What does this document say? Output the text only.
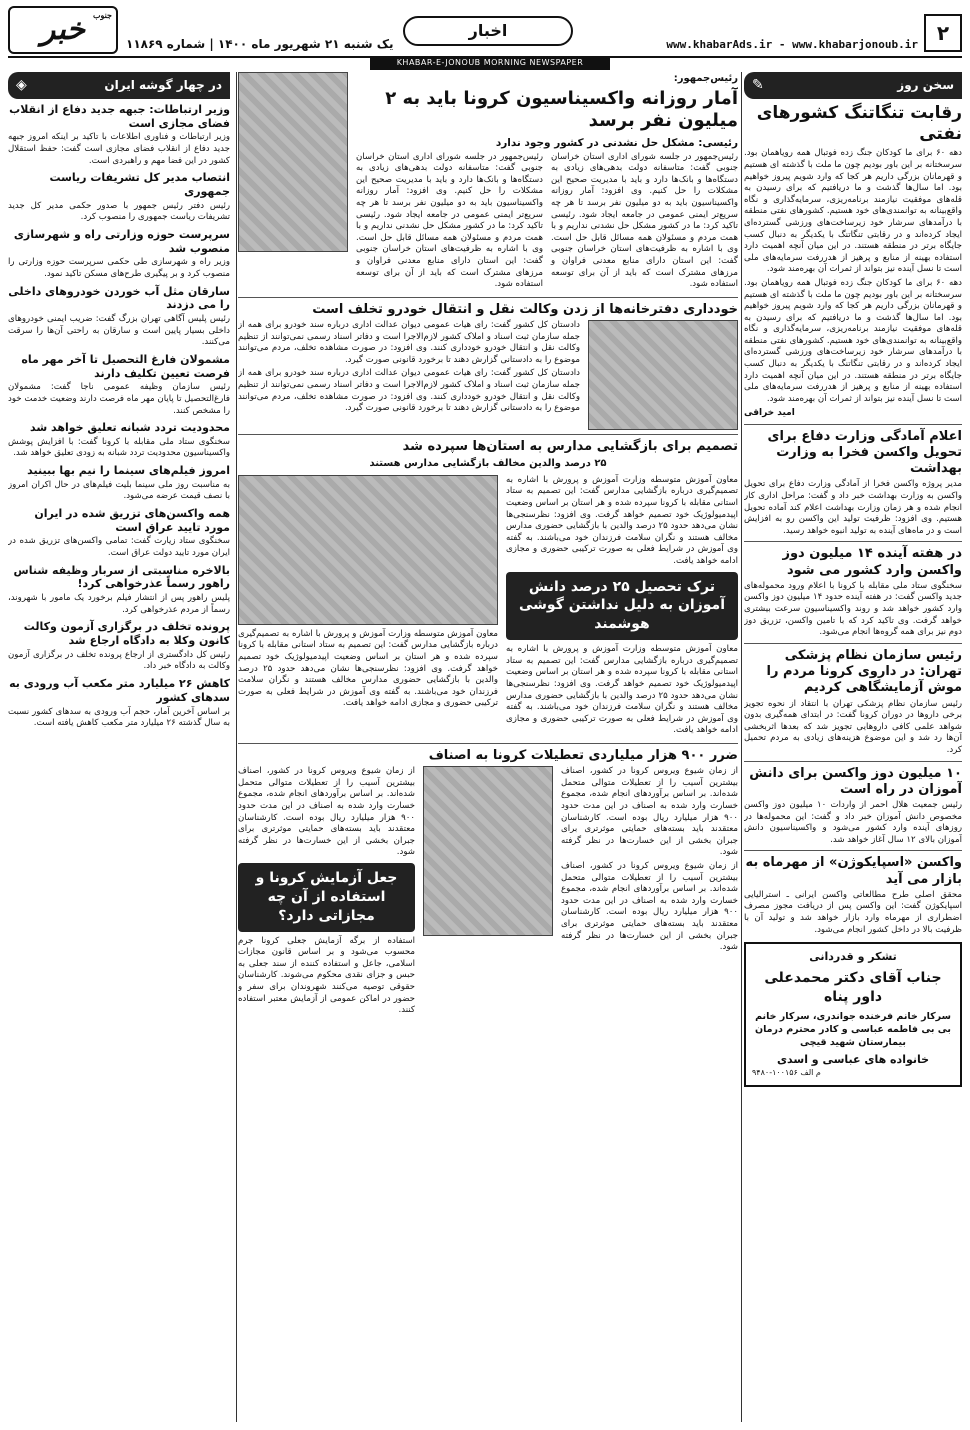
جنوب
خبر	یک شنبه ۲۱ شهریور ماه ۱۴۰۰ | شماره ۱۱۸۶۹
اخبار
www.khabarAds.ir - www.khabarjonoub.ir ۲
KHABAR-E-JONOUB MORNING NEWSPAPER
سخن روز
✎
رقابت تنگاتنگ کشورهای نفتی

دهه ۶۰ برای ما کودکان جنگ زده فوتبال همه رویاهمان بود. سرسختانه بر این باور بودیم چون ما ملت با گذشته ای هستیم و قهرمانان بزرگی داریم هر کجا که وارد شویم پیروز خواهیم بود. اما سال‌ها گذشت و ما دریافتیم که برای رسیدن به قله‌های موفقیت نیازمند برنامه‌ریزی، سرمایه‌گذاری و نگاه واقع‌بینانه به توانمندی‌های خود هستیم. کشورهای نفتی منطقه با درآمدهای سرشار خود زیرساخت‌های ورزشی گسترده‌ای ایجاد کرده‌اند و در رقابتی تنگاتنگ با یکدیگر به دنبال کسب جایگاه برتر در منطقه هستند. در این میان آنچه اهمیت دارد استفاده بهینه از منابع و پرهیز از هدررفت سرمایه‌های ملی است تا نسل آینده نیز بتواند از ثمرات آن بهره‌مند شود.

دهه ۶۰ برای ما کودکان جنگ زده فوتبال همه رویاهمان بود. سرسختانه بر این باور بودیم چون ما ملت با گذشته ای هستیم و قهرمانان بزرگی داریم هر کجا که وارد شویم پیروز خواهیم بود. اما سال‌ها گذشت و ما دریافتیم که برای رسیدن به قله‌های موفقیت نیازمند برنامه‌ریزی، سرمایه‌گذاری و نگاه واقع‌بینانه به توانمندی‌های خود هستیم. کشورهای نفتی منطقه با درآمدهای سرشار خود زیرساخت‌های ورزشی گسترده‌ای ایجاد کرده‌اند و در رقابتی تنگاتنگ با یکدیگر به دنبال کسب جایگاه برتر در منطقه هستند. در این میان آنچه اهمیت دارد استفاده بهینه از منابع و پرهیز از هدررفت سرمایه‌های ملی است تا نسل آینده نیز بتواند از ثمرات آن بهره‌مند شود.

امید خراقی
اعلام آمادگی وزارت دفاع برای تحویل واکسن فخرا به وزارت بهداشت

مدیر پروژه واکسن فخرا از آمادگی وزارت دفاع برای تحویل واکسن به وزارت بهداشت خبر داد و گفت: مراحل اداری کار انجام شده و هر زمان وزارت بهداشت اعلام کند آماده تحویل هستیم. وی افزود: ظرفیت تولید این واکسن رو به افزایش است و در ماه‌های آینده به تولید انبوه خواهد رسید.

در هفته آینده ۱۴ میلیون دوز واکسن وارد کشور می شود

سخنگوی ستاد ملی مقابله با کرونا با اعلام ورود محموله‌های جدید واکسن گفت: در هفته آینده حدود ۱۴ میلیون دوز واکسن وارد کشور خواهد شد و روند واکسیناسیون سرعت بیشتری خواهد گرفت. وی تاکید کرد که با تامین واکسن، تزریق دوز دوم نیز برای همه گروه‌ها انجام می‌شود.

رئیس سازمان نظام پزشکی تهران: در داروی کرونا مردم را موش آزمایشگاهی کردیم

رئیس سازمان نظام پزشکی تهران با انتقاد از نحوه تجویز برخی داروها در دوران کرونا گفت: در ابتدای همه‌گیری بدون شواهد علمی کافی داروهایی تجویز شد که بعدها اثربخشی آن‌ها رد شد و این موضوع هزینه‌های زیادی به مردم تحمیل کرد.

۱۰ میلیون دوز واکسن برای دانش آموزان در راه است

رئیس جمعیت هلال احمر از واردات ۱۰ میلیون دوز واکسن مخصوص دانش آموزان خبر داد و گفت: این محموله‌ها در روزهای آینده وارد کشور می‌شود و واکسیناسیون دانش آموزان بالای ۱۲ سال آغاز خواهد شد.

واکسن «اسپایکوژن» از مهرماه به بازار می آید

محقق اصلی طرح مطالعاتی واکسن ایرانی ـ استرالیایی اسپایکوژن گفت: این واکسن پس از دریافت مجوز مصرف اضطراری از مهرماه وارد بازار خواهد شد و تولید آن با ظرفیت بالا در داخل کشور انجام می‌شود.

تشکر و قدردانی
جناب آقای دکتر محمدعلی داور پناه
سرکار خانم فرخنده جواندری، سرکار خانم بی بی فاطمه عباسی و کادر محترم درمان بیمارستان شهید قیچی
خانواده های عباسی و اسدی
۹۴۸۰-۱۰۰۱۵۶ م الف
رئیس‌جمهور:
آمار روزانه واکسیناسیون کرونا باید به ۲ میلیون نفر برسد
رئیسی: مشکل حل نشدنی در کشور وجود ندارد

رئیس‌جمهور در جلسه شورای اداری استان خراسان جنوبی گفت: متاسفانه دولت بدهی‌های زیادی به دستگاه‌ها و بانک‌ها دارد و باید با مدیریت صحیح این مشکلات را حل کنیم. وی افزود: آمار روزانه واکسیناسیون باید به دو میلیون نفر برسد تا هر چه سریع‌تر ایمنی عمومی در جامعه ایجاد شود. رئیسی تاکید کرد: ما در کشور مشکل حل نشدنی نداریم و با همت مردم و مسئولان همه مسائل قابل حل است. وی با اشاره به ظرفیت‌های استان خراسان جنوبی گفت: این استان دارای منابع معدنی فراوان و مرزهای مشترک است که باید از آن برای توسعه استفاده شود.

رئیس‌جمهور در جلسه شورای اداری استان خراسان جنوبی گفت: متاسفانه دولت بدهی‌های زیادی به دستگاه‌ها و بانک‌ها دارد و باید با مدیریت صحیح این مشکلات را حل کنیم. وی افزود: آمار روزانه واکسیناسیون باید به دو میلیون نفر برسد تا هر چه سریع‌تر ایمنی عمومی در جامعه ایجاد شود. رئیسی تاکید کرد: ما در کشور مشکل حل نشدنی نداریم و با همت مردم و مسئولان همه مسائل قابل حل است. وی با اشاره به ظرفیت‌های استان خراسان جنوبی گفت: این استان دارای منابع معدنی فراوان و مرزهای مشترک است که باید از آن برای توسعه استفاده شود.

خودداری دفترخانه‌ها از زدن وکالت نقل و انتقال خودرو تخلف است

دادستان کل کشور گفت: رای هیات عمومی دیوان عدالت اداری درباره سند خودرو برای همه از جمله سازمان ثبت اسناد و املاک کشور لازم‌الاجرا است و دفاتر اسناد رسمی نمی‌توانند از تنظیم وکالت نقل و انتقال خودرو خودداری کنند. وی افزود: در صورت مشاهده تخلف، مردم می‌توانند موضوع را به دادستانی گزارش دهند تا برخورد قانونی صورت گیرد.

دادستان کل کشور گفت: رای هیات عمومی دیوان عدالت اداری درباره سند خودرو برای همه از جمله سازمان ثبت اسناد و املاک کشور لازم‌الاجرا است و دفاتر اسناد رسمی نمی‌توانند از تنظیم وکالت نقل و انتقال خودرو خودداری کنند. وی افزود: در صورت مشاهده تخلف، مردم می‌توانند موضوع را به دادستانی گزارش دهند تا برخورد قانونی صورت گیرد.

تصمیم برای بازگشایی مدارس به استان‌ها سپرده شد
۲۵ درصد والدین مخالف بازگشایی مدارس هستند

معاون آموزش متوسطه وزارت آموزش و پرورش با اشاره به تصمیم‌گیری درباره بازگشایی مدارس گفت: این تصمیم به ستاد استانی مقابله با کرونا سپرده شده و هر استان بر اساس وضعیت اپیدمیولوژیک خود تصمیم خواهد گرفت. وی افزود: نظرسنجی‌ها نشان می‌دهد حدود ۲۵ درصد والدین با بازگشایی حضوری مدارس مخالف هستند و نگران سلامت فرزندان خود می‌باشند. به گفته وی آموزش در شرایط فعلی به صورت ترکیبی حضوری و مجازی ادامه خواهد یافت.

ترک تحصیل ۲۵ درصد دانش آموزان به دلیل نداشتن گوشی هوشمند

معاون آموزش متوسطه وزارت آموزش و پرورش با اشاره به تصمیم‌گیری درباره بازگشایی مدارس گفت: این تصمیم به ستاد استانی مقابله با کرونا سپرده شده و هر استان بر اساس وضعیت اپیدمیولوژیک خود تصمیم خواهد گرفت. وی افزود: نظرسنجی‌ها نشان می‌دهد حدود ۲۵ درصد والدین با بازگشایی حضوری مدارس مخالف هستند و نگران سلامت فرزندان خود می‌باشند. به گفته وی آموزش در شرایط فعلی به صورت ترکیبی حضوری و مجازی ادامه خواهد یافت.

معاون آموزش متوسطه وزارت آموزش و پرورش با اشاره به تصمیم‌گیری درباره بازگشایی مدارس گفت: این تصمیم به ستاد استانی مقابله با کرونا سپرده شده و هر استان بر اساس وضعیت اپیدمیولوژیک خود تصمیم خواهد گرفت. وی افزود: نظرسنجی‌ها نشان می‌دهد حدود ۲۵ درصد والدین با بازگشایی حضوری مدارس مخالف هستند و نگران سلامت فرزندان خود می‌باشند. به گفته وی آموزش در شرایط فعلی به صورت ترکیبی حضوری و مجازی ادامه خواهد یافت.

ضرر ۹۰۰ هزار میلیاردی تعطیلات کرونا به اصناف

از زمان شیوع ویروس کرونا در کشور، اصناف بیشترین آسیب را از تعطیلات متوالی متحمل شده‌اند. بر اساس برآوردهای انجام شده، مجموع خسارت وارد شده به اصناف در این مدت حدود ۹۰۰ هزار میلیارد ریال بوده است. کارشناسان معتقدند باید بسته‌های حمایتی موثرتری برای جبران بخشی از این خسارت‌ها در نظر گرفته شود.

از زمان شیوع ویروس کرونا در کشور، اصناف بیشترین آسیب را از تعطیلات متوالی متحمل شده‌اند. بر اساس برآوردهای انجام شده، مجموع خسارت وارد شده به اصناف در این مدت حدود ۹۰۰ هزار میلیارد ریال بوده است. کارشناسان معتقدند باید بسته‌های حمایتی موثرتری برای جبران بخشی از این خسارت‌ها در نظر گرفته شود.

از زمان شیوع ویروس کرونا در کشور، اصناف بیشترین آسیب را از تعطیلات متوالی متحمل شده‌اند. بر اساس برآوردهای انجام شده، مجموع خسارت وارد شده به اصناف در این مدت حدود ۹۰۰ هزار میلیارد ریال بوده است. کارشناسان معتقدند باید بسته‌های حمایتی موثرتری برای جبران بخشی از این خسارت‌ها در نظر گرفته شود.

جعل آزمایش کرونا و استفاده از آن چه مجازاتی دارد؟

استفاده از برگه آزمایش جعلی کرونا جرم محسوب می‌شود و بر اساس قانون مجازات اسلامی، جاعل و استفاده کننده از سند جعلی به حبس و جزای نقدی محکوم می‌شوند. کارشناسان حقوقی توصیه می‌کنند شهروندان برای سفر و حضور در اماکن عمومی از آزمایش معتبر استفاده کنند.

در چهار گوشه ایران
◈
وزیر ارتباطات: جبهه جدید دفاع از انقلاب فضای مجازی است

وزیر ارتباطات و فناوری اطلاعات با تاکید بر اینکه امروز جبهه جدید دفاع از انقلاب فضای مجازی است گفت: حفظ استقلال کشور در این فضا مهم و راهبردی است.

انتصاب مدیر کل تشریفات ریاست جمهوری

رئیس دفتر رئیس جمهور با صدور حکمی مدیر کل جدید تشریفات ریاست جمهوری را منصوب کرد.

سرپرست حوزه وزارتی راه و شهرسازی منصوب شد

وزیر راه و شهرسازی طی حکمی سرپرست حوزه وزارتی را منصوب کرد و بر پیگیری طرح‌های مسکن تاکید نمود.

سارقان مثل آب خوردن خودروهای داخلی را می دزدند

رئیس پلیس آگاهی تهران بزرگ گفت: ضریب ایمنی خودروهای داخلی بسیار پایین است و سارقان به راحتی آن‌ها را سرقت می‌کنند.

مشمولان فارغ التحصیل تا آخر مهر ماه فرصت تعیین تکلیف دارند

رئیس سازمان وظیفه عمومی ناجا گفت: مشمولان فارغ‌التحصیل تا پایان مهر ماه فرصت دارند وضعیت خدمت خود را مشخص کنند.

محدودیت تردد شبانه تعلیق خواهد شد

سخنگوی ستاد ملی مقابله با کرونا گفت: با افزایش پوشش واکسیناسیون محدودیت تردد شبانه به زودی تعلیق خواهد شد.

امروز فیلم‌های سینما را نیم بها ببینید

به مناسبت روز ملی سینما بلیت فیلم‌های در حال اکران امروز با نصف قیمت عرضه می‌شود.

همه واکسن‌های تزریق شده در ایران مورد تایید عراق است

سخنگوی ستاد زیارت گفت: تمامی واکسن‌های تزریق شده در ایران مورد تایید دولت عراق است.

بالاخره مناسبتی از سربار وظیفه شناس راهور رسماً عذرخواهی کرد!

پلیس راهور پس از انتشار فیلم برخورد یک مامور با شهروند، رسماً از مردم عذرخواهی کرد.

پرونده تخلف در برگزاری آزمون وکالت کانون وکلا به دادگاه ارجاع شد

رئیس کل دادگستری از ارجاع پرونده تخلف در برگزاری آزمون وکالت به دادگاه خبر داد.

کاهش ۲۶ میلیارد متر مکعب آب ورودی به سدهای کشور

بر اساس آخرین آمار، حجم آب ورودی به سدهای کشور نسبت به سال گذشته ۲۶ میلیارد متر مکعب کاهش یافته است.
